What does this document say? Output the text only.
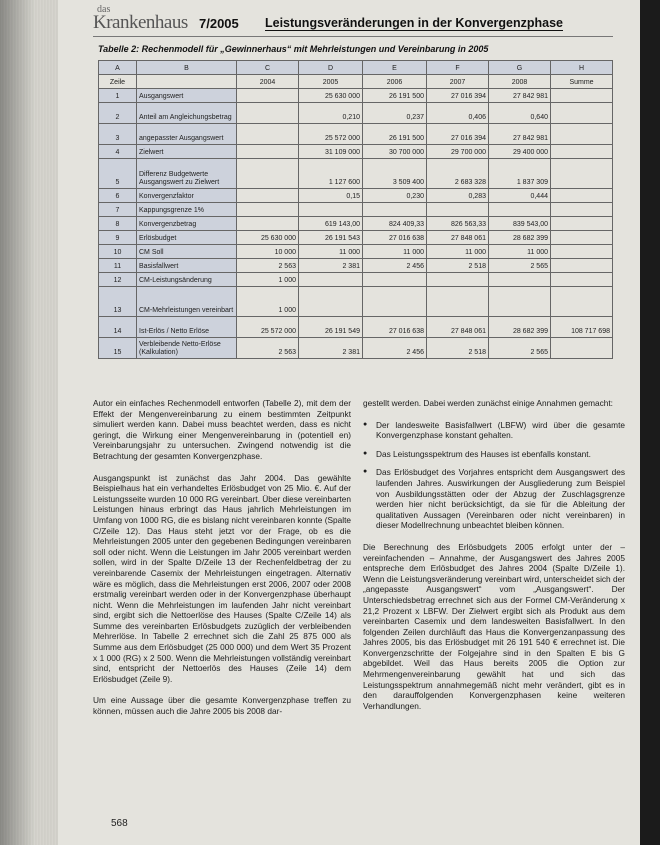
das
Krankenhaus 7/2005 Leistungsveränderungen in der Konvergenzphase
Tabelle 2: Rechenmodell für „Gewinnerhaus“ mit Mehrleistungen und Vereinbarung in 2005
A	B	C	D	E	F	G	H
Zeile		2004	2005	2006	2007	2008	Summe
1	Ausgangswert		25 630 000	26 191 500	27 016 394	27 842 981	
2	Anteil am Angleichungsbetrag		0,210	0,237	0,406	0,640	
3	angepasster Ausgangswert		25 572 000	26 191 500	27 016 394	27 842 981	
4	Zielwert		31 109 000	30 700 000	29 700 000	29 400 000	
5	Differenz Budgetwerte Ausgangswert zu Zielwert		1 127 600	3 509 400	2 683 328	1 837 309	
6	Konvergenzfaktor		0,15	0,230	0,283	0,444	
7	Kappungsgrenze 1%						
8	Konvergenzbetrag		619 143,00	824 409,33	826 563,33	839 543,00	
9	Erlösbudget	25 630 000	26 191 543	27 016 638	27 848 061	28 682 399	
10	CM Soll	10 000	11 000	11 000	11 000	11 000	
11	Basisfallwert	2 563	2 381	2 456	2 518	2 565	
12	CM-Leistungsänderung	1 000					
13	CM-Mehrleistungen vereinbart	1 000					
14	Ist-Erlös / Netto Erlöse	25 572 000	26 191 549	27 016 638	27 848 061	28 682 399	108 717 698
15	Verbleibende Netto-Erlöse (Kalkulation)	2 563	2 381	2 456	2 518	2 565	

Autor ein einfaches Rechenmodell entworfen (Tabelle 2), mit dem der Effekt der Mengenvereinbarung zu einem bestimmten Zeitpunkt simuliert werden kann. Dabei muss beachtet werden, dass es nicht geringt, die Wirkung einer Mengenvereinbarung in (potentiell en) Vereinbarungsjahr zu untersuchen. Zwingend notwendig ist die Betrachtung der gesamten Konvergenzphase.

Ausgangspunkt ist zunächst das Jahr 2004. Das gewählte Beispielhaus hat ein verhandeltes Erlösbudget von 25 Mio. €. Auf der Leistungsseite wurden 10 000 RG vereinbart. Über diese vereinbarten Leistungen hinaus erbringt das Haus jahrlich Mehrleistungen im Umfang von 1000 RG, die es bislang nicht vereinbaren konnte (Spalte C/Zeile 12). Das Haus steht jetzt vor der Frage, ob es die Mehrleistungen 2005 unter den gegebenen Bedingungen vereinbaren soll oder nicht. Wenn die Leistungen im Jahr 2005 vereinbart werden sollen, wird in der Spalte D/Zeile 13 der Rechenfeldbetrag der zu vereinbarende Casemix der Mehrleistungen eingetragen. Alternativ wäre es möglich, dass die Mehrleistungen erst 2006, 2007 oder 2008 erstmalig vereinbart werden oder in der Konvergenzphase überhaupt nicht. Wenn die Mehrleistungen im laufenden Jahr nicht vereinbart sind, ergibt sich die Nettoerlöse des Hauses (Spalte C/Zeile 14) als Summe des vereinbarten Erlösbudgets zuzüglich der verbleibenden Mehrerlöse. In Tabelle 2 errechnet sich die Zahl 25 875 000 als Summe aus dem Erlösbudget (25 000 000) und dem Wert 35 Prozent x 1 000 (RG) x 2 500. Wenn die Mehrleistungen vollständig vereinbart sind, entspricht der Nettoerlös des Hauses (Zeile 14) dem Erlösbudget (Zeile 9).

Um eine Aussage über die gesamte Konvergenzphase treffen zu können, müssen auch die Jahre 2005 bis 2008 dar-

gestellt werden. Dabei werden zunächst einige Annahmen gemacht:

● Der landesweite Basisfallwert (LBFW) wird über die gesamte Konvergenzphase konstant gehalten.
● Das Leistungsspektrum des Hauses ist ebenfalls konstant.
● Das Erlösbudget des Vorjahres entspricht dem Ausgangswert des laufenden Jahres. Auswirkungen der Ausgliederung zum Beispiel von Ausbildungsstätten oder der Abzug der Zuschlagsgrenze werden hier nicht berücksichtigt, da sie für die Ableitung der qualitativen Aussagen (Vereinbaren oder nicht vereinbaren) in dieser Modellrechnung unbeachtet bleiben können.

Die Berechnung des Erlösbudgets 2005 erfolgt unter der – vereinfachenden – Annahme, der Ausgangswert des Jahres 2005 entspreche dem Erlösbudget des Jahres 2004 (Spalte D/Zeile 1). Wenn die Leistungsveränderung vereinbart wird, unterscheidet sich der „angepasste Ausgangswert“ vom „Ausgangswert“. Der Unterschiedsbetrag errechnet sich aus der Formel CM-Veränderung x 21,2 Prozent x LBFW. Der Zielwert ergibt sich als Produkt aus dem vereinbarten Casemix und dem landesweiten Basisfallwert. In den folgenden Zeilen durchläuft das Haus die Konvergenzanpassung des Jahres 2005, bis das Erlösbudget mit 26 191 540 € errechnet ist. Die Konvergenzschritte der Folgejahre sind in den Spalten E bis G abgebildet. Weil das Haus bereits 2005 die Option zur Mehrmengenvereinbarung gewählt hat und sich das Leistungsspektrum annahmegemäß nicht mehr verändert, gibt es in den darauffolgenden Konvergenzphasen keine weiteren Verhandlungen.

568
